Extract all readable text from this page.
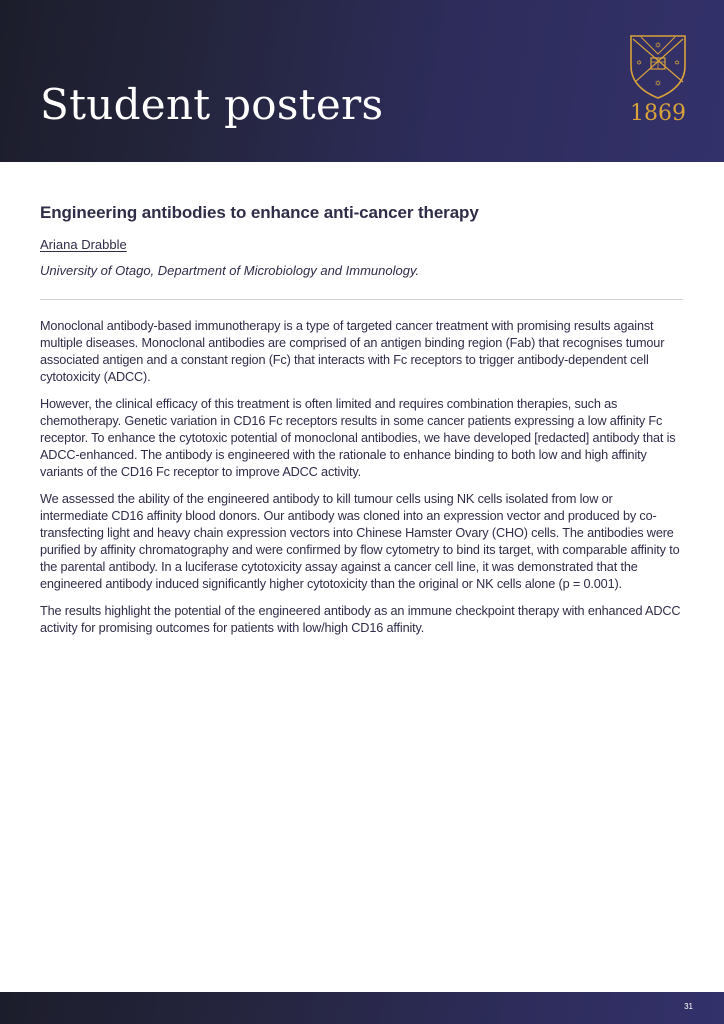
Student posters
✡
✡	✡
✡
1869
Engineering antibodies to enhance anti-cancer therapy
Ariana Drabble
University of Otago, Department of Microbiology and Immunology.

Monoclonal antibody-based immunotherapy is a type of targeted cancer treatment with promising results against multiple diseases. Monoclonal antibodies are comprised of an antigen binding region (Fab) that recognises tumour associated antigen and a constant region (Fc) that interacts with Fc receptors to trigger antibody-dependent cell cytotoxicity (ADCC).

However, the clinical efficacy of this treatment is often limited and requires combination therapies, such as chemotherapy. Genetic variation in CD16 Fc receptors results in some cancer patients expressing a low affinity Fc receptor. To enhance the cytotoxic potential of monoclonal antibodies, we have developed [redacted] antibody that is ADCC-enhanced. The antibody is engineered with the rationale to enhance binding to both low and high affinity variants of the CD16 Fc receptor to improve ADCC activity.

We assessed the ability of the engineered antibody to kill tumour cells using NK cells isolated from low or intermediate CD16 affinity blood donors. Our antibody was cloned into an expression vector and produced by co-transfecting light and heavy chain expression vectors into Chinese Hamster Ovary (CHO) cells. The antibodies were purified by affinity chromatography and were confirmed by flow cytometry to bind its target, with comparable affinity to the parental antibody. In a luciferase cytotoxicity assay against a cancer cell line, it was demonstrated that the engineered antibody induced significantly higher cytotoxicity than the original or NK cells alone (p = 0.001).

The results highlight the potential of the engineered antibody as an immune checkpoint therapy with enhanced ADCC activity for promising outcomes for patients with low/high CD16 affinity.

31
